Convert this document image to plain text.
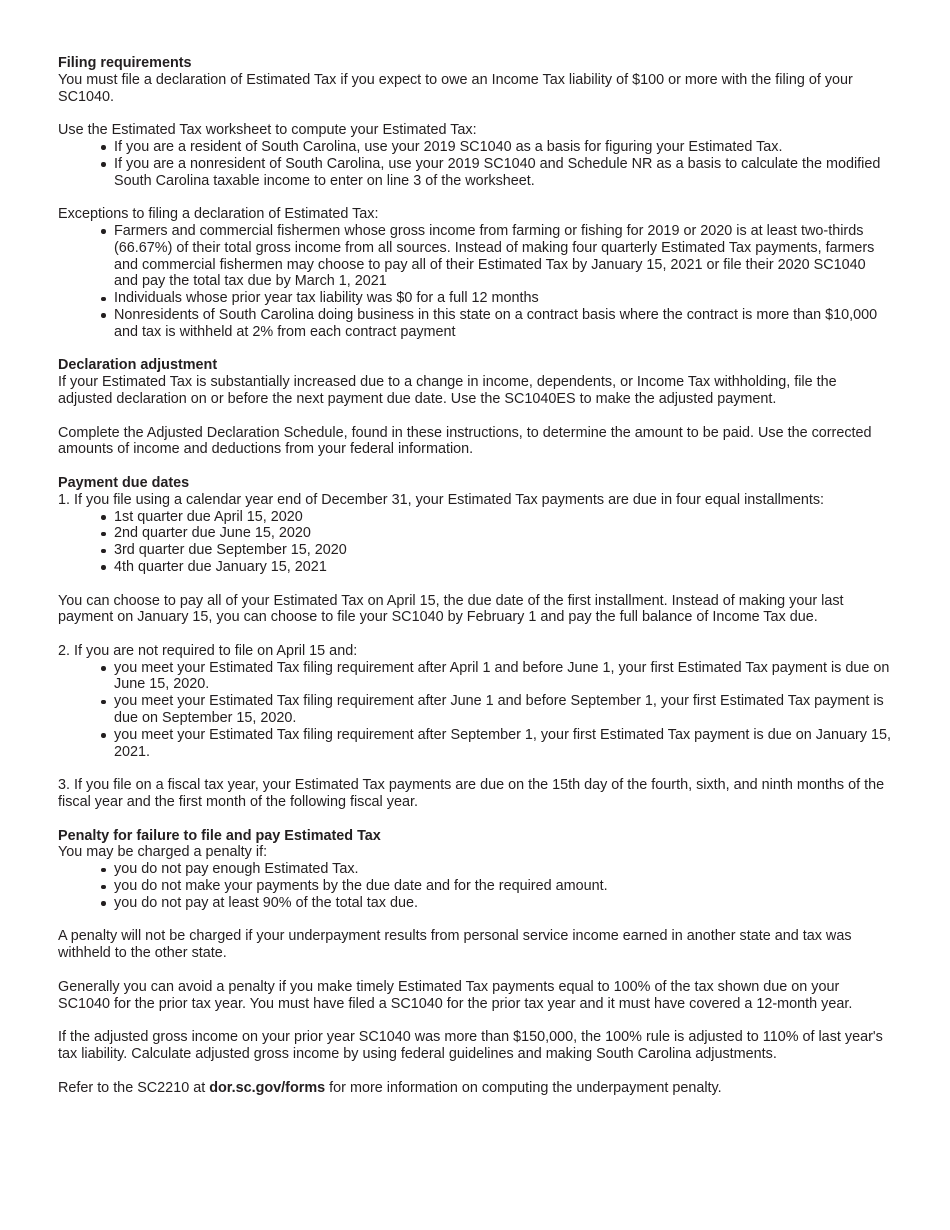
Filing requirements

You must file a declaration of Estimated Tax if you expect to owe an Income Tax liability of $100 or more with the filing of your SC1040.

Use the Estimated Tax worksheet to compute your Estimated Tax:

If you are a resident of South Carolina, use your 2019 SC1040 as a basis for figuring your Estimated Tax.
If you are a nonresident of South Carolina, use your 2019 SC1040 and Schedule NR as a basis to calculate the modified South Carolina taxable income to enter on line 3 of the worksheet.

Exceptions to filing a declaration of Estimated Tax:

Farmers and commercial fishermen whose gross income from farming or fishing for 2019 or 2020 is at least two-thirds (66.67%) of their total gross income from all sources. Instead of making four quarterly Estimated Tax payments, farmers and commercial fishermen may choose to pay all of their Estimated Tax by January 15, 2021 or file their 2020 SC1040 and pay the total tax due by March 1, 2021
Individuals whose prior year tax liability was $0 for a full 12 months
Nonresidents of South Carolina doing business in this state on a contract basis where the contract is more than $10,000 and tax is withheld at 2% from each contract payment

Declaration adjustment

If your Estimated Tax is substantially increased due to a change in income, dependents, or Income Tax withholding, file the adjusted declaration on or before the next payment due date. Use the SC1040ES to make the adjusted payment.

Complete the Adjusted Declaration Schedule, found in these instructions, to determine the amount to be paid. Use the corrected amounts of income and deductions from your federal information.

Payment due dates

1. If you file using a calendar year end of December 31, your Estimated Tax payments are due in four equal installments:

1st quarter due April 15, 2020
2nd quarter due June 15, 2020
3rd quarter due September 15, 2020
4th quarter due January 15, 2021

You can choose to pay all of your Estimated Tax on April 15, the due date of the first installment. Instead of making your last payment on January 15, you can choose to file your SC1040 by February 1 and pay the full balance of Income Tax due.

2. If you are not required to file on April 15 and:

you meet your Estimated Tax filing requirement after April 1 and before June 1, your first Estimated Tax payment is due on June 15, 2020.
you meet your Estimated Tax filing requirement after June 1 and before September 1, your first Estimated Tax payment is due on September 15, 2020.
you meet your Estimated Tax filing requirement after September 1, your first Estimated Tax payment is due on January 15, 2021.

3. If you file on a fiscal tax year, your Estimated Tax payments are due on the 15th day of the fourth, sixth, and ninth months of the fiscal year and the first month of the following fiscal year.

Penalty for failure to file and pay Estimated Tax

You may be charged a penalty if:

you do not pay enough Estimated Tax.
you do not make your payments by the due date and for the required amount.
you do not pay at least 90% of the total tax due.

A penalty will not be charged if your underpayment results from personal service income earned in another state and tax was withheld to the other state.

Generally you can avoid a penalty if you make timely Estimated Tax payments equal to 100% of the tax shown due on your SC1040 for the prior tax year. You must have filed a SC1040 for the prior tax year and it must have covered a 12-month year.

If the adjusted gross income on your prior year SC1040 was more than $150,000, the 100% rule is adjusted to 110% of last year's tax liability. Calculate adjusted gross income by using federal guidelines and making South Carolina adjustments.

Refer to the SC2210 at dor.sc.gov/forms for more information on computing the underpayment penalty.
